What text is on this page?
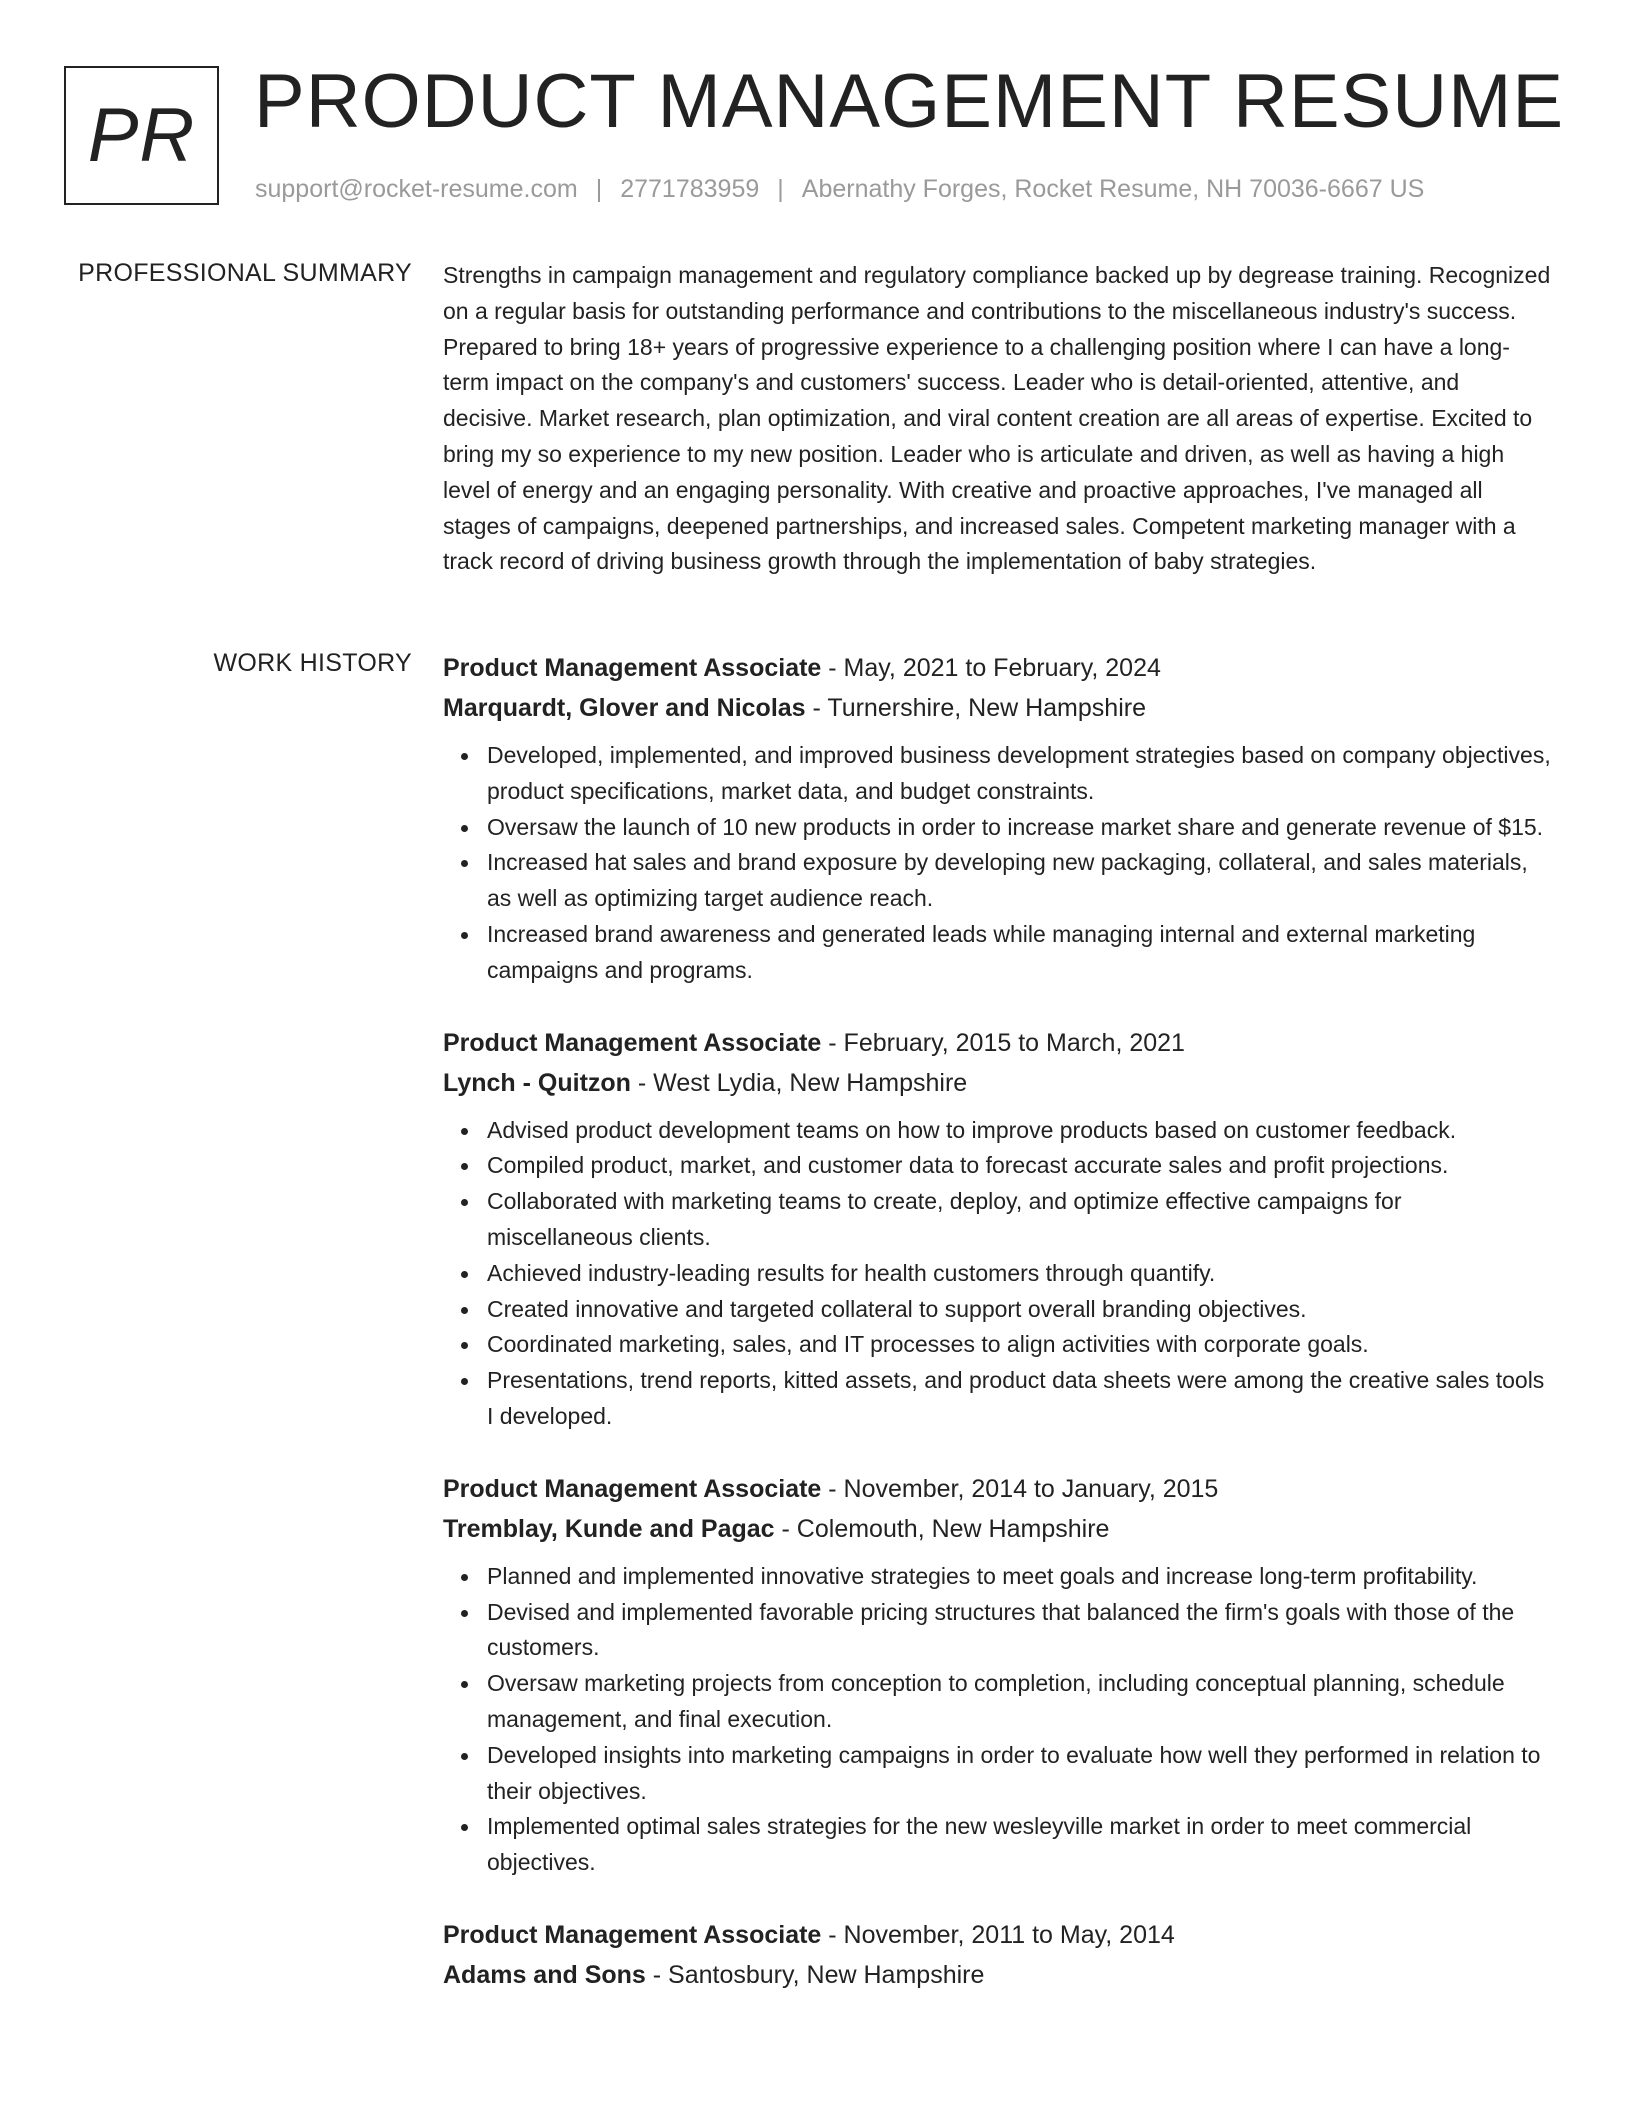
PR PRODUCT MANAGEMENT RESUME
support@rocket-resume.com | 2771783959 | Abernathy Forges, Rocket Resume, NH 70036-6667 US
PROFESSIONAL SUMMARY Strengths in campaign management and regulatory compliance backed up by degrease training. Recognized on a regular basis for outstanding performance and contributions to the miscellaneous industry's success. Prepared to bring 18+ years of progressive experience to a challenging position where I can have a long-term impact on the company's and customers' success. Leader who is detail-oriented, attentive, and decisive. Market research, plan optimization, and viral content creation are all areas of expertise. Excited to bring my so experience to my new position. Leader who is articulate and driven, as well as having a high level of energy and an engaging personality. With creative and proactive approaches, I've managed all stages of campaigns, deepened partnerships, and increased sales. Competent marketing manager with a track record of driving business growth through the implementation of baby strategies.

WORK HISTORY Product Management Associate - May, 2021 to February, 2024
Marquardt, Glover and Nicolas - Turnershire, New Hampshire
Developed, implemented, and improved business development strategies based on company objectives, product specifications, market data, and budget constraints.
Oversaw the launch of 10 new products in order to increase market share and generate revenue of $15.
Increased hat sales and brand exposure by developing new packaging, collateral, and sales materials, as well as optimizing target audience reach.
Increased brand awareness and generated leads while managing internal and external marketing campaigns and programs.
Product Management Associate - February, 2015 to March, 2021
Lynch - Quitzon - West Lydia, New Hampshire
Advised product development teams on how to improve products based on customer feedback.
Compiled product, market, and customer data to forecast accurate sales and profit projections.
Collaborated with marketing teams to create, deploy, and optimize effective campaigns for miscellaneous clients.
Achieved industry-leading results for health customers through quantify.
Created innovative and targeted collateral to support overall branding objectives.
Coordinated marketing, sales, and IT processes to align activities with corporate goals.
Presentations, trend reports, kitted assets, and product data sheets were among the creative sales tools I developed.
Product Management Associate - November, 2014 to January, 2015
Tremblay, Kunde and Pagac - Colemouth, New Hampshire
Planned and implemented innovative strategies to meet goals and increase long-term profitability.
Devised and implemented favorable pricing structures that balanced the firm's goals with those of the customers.
Oversaw marketing projects from conception to completion, including conceptual planning, schedule management, and final execution.
Developed insights into marketing campaigns in order to evaluate how well they performed in relation to their objectives.
Implemented optimal sales strategies for the new wesleyville market in order to meet commercial objectives.
Product Management Associate - November, 2011 to May, 2014
Adams and Sons - Santosbury, New Hampshire
